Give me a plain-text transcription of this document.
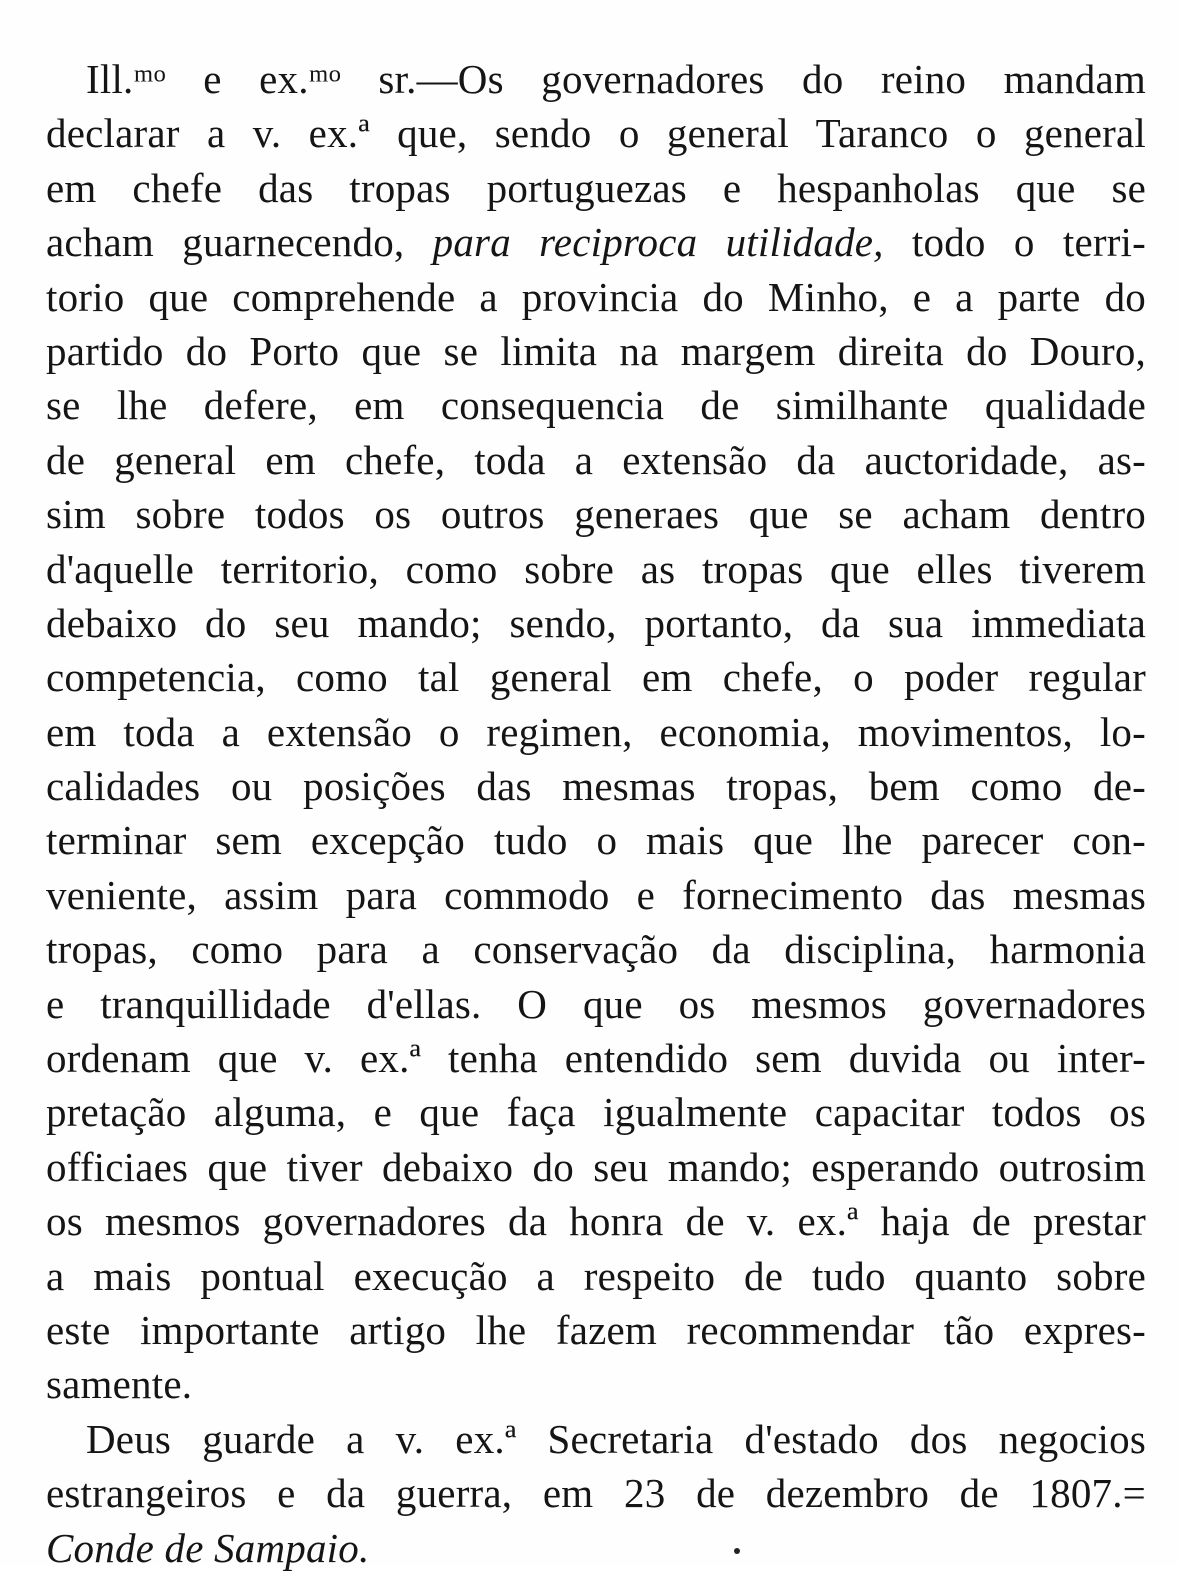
Ill.ᵐᵒ e ex.ᵐᵒ sr.—Os governadores do reino mandam
declarar a v. ex.ª que, sendo o general Taranco o general
em chefe das tropas portuguezas e hespanholas que se
acham guarnecendo, para reciproca utilidade, todo o terri-
torio que comprehende a provincia do Minho, e a parte do
partido do Porto que se limita na margem direita do Douro,
se lhe defere, em consequencia de similhante qualidade
de general em chefe, toda a extensão da auctoridade, as-
sim sobre todos os outros generaes que se acham dentro
d'aquelle territorio, como sobre as tropas que elles tiverem
debaixo do seu mando; sendo, portanto, da sua immediata
competencia, como tal general em chefe, o poder regular
em toda a extensão o regimen, economia, movimentos, lo-
calidades ou posições das mesmas tropas, bem como de-
terminar sem excepção tudo o mais que lhe parecer con-
veniente, assim para commodo e fornecimento das mesmas
tropas, como para a conservação da disciplina, harmonia
e tranquillidade d'ellas. O que os mesmos governadores
ordenam que v. ex.ª tenha entendido sem duvida ou inter-
pretação alguma, e que faça igualmente capacitar todos os
officiaes que tiver debaixo do seu mando; esperando outrosim
os mesmos governadores da honra de v. ex.ª haja de prestar
a mais pontual execução a respeito de tudo quanto sobre
este importante artigo lhe fazem recommendar tão expres-
samente.
Deus guarde a v. ex.ª Secretaria d'estado dos negocios
estrangeiros e da guerra, em 23 de dezembro de 1807.=
Conde de Sampaio.
